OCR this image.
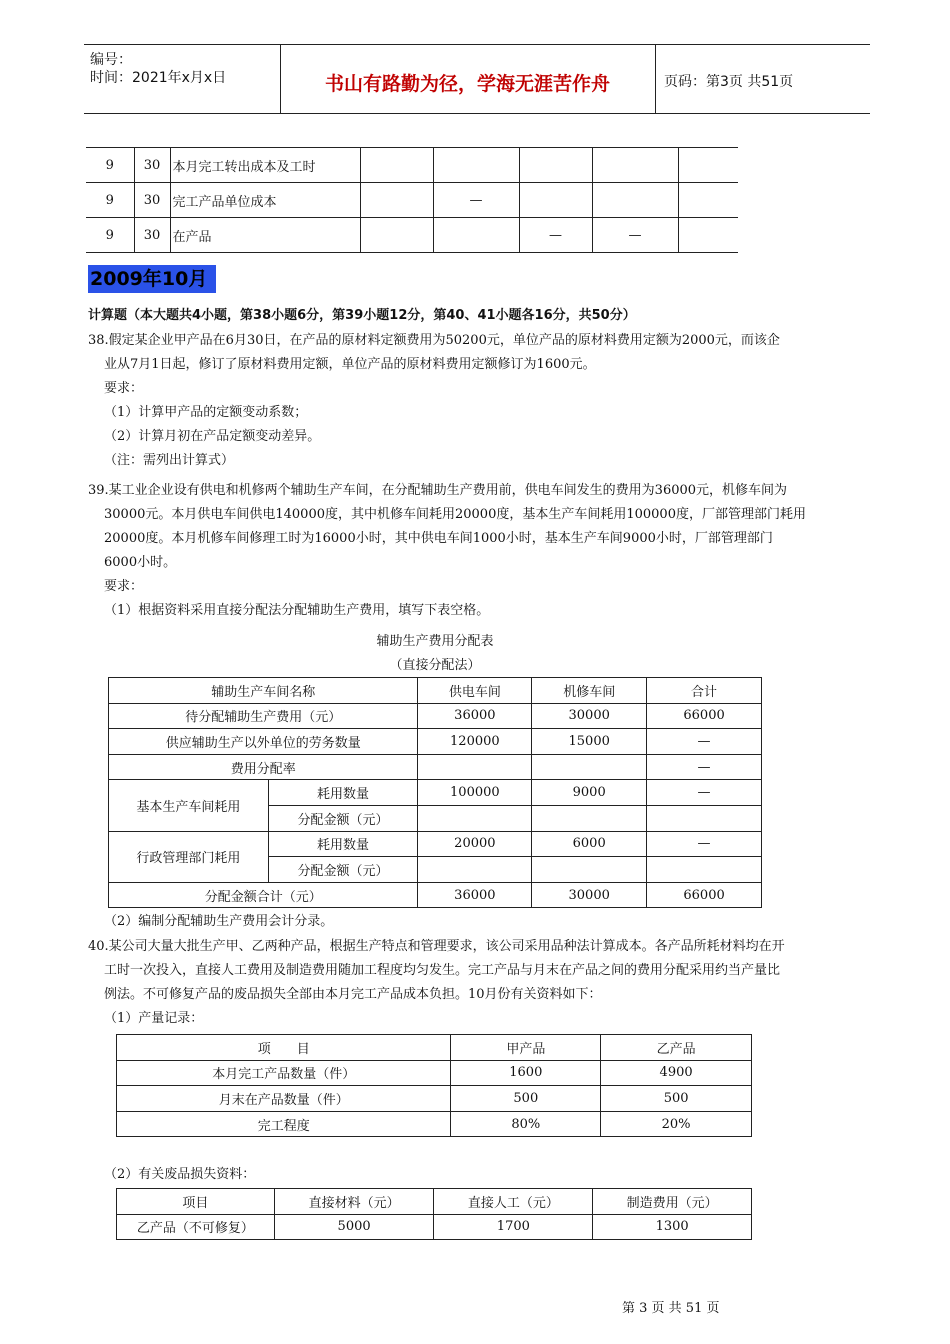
编号：
时间：2021年x月x日	书山有路勤为径，学海无涯苦作舟	页码：第3页 共51页
9	30	本月完工转出成本及工时					
9	30	完工产品单位成本		—			
9	30	在产品			—	—	
2009年10月
计算题（本大题共4小题，第38小题6分，第39小题12分，第40、41小题各16分，共50分）
38.假定某企业甲产品在6月30日，在产品的原材料定额费用为50200元，单位产品的原材料费用定额为2000元，而该企
业从7月1日起，修订了原材料费用定额，单位产品的原材料费用定额修订为1600元。
要求：
（1）计算甲产品的定额变动系数；
（2）计算月初在产品定额变动差异。
（注：需列出计算式）
39.某工业企业设有供电和机修两个辅助生产车间，在分配辅助生产费用前，供电车间发生的费用为36000元，机修车间为
30000元。本月供电车间供电140000度，其中机修车间耗用20000度，基本生产车间耗用100000度，厂部管理部门耗用
20000度。本月机修车间修理工时为16000小时，其中供电车间1000小时，基本生产车间9000小时，厂部管理部门
6000小时。
要求：
（1）根据资料采用直接分配法分配辅助生产费用，填写下表空格。
辅助生产费用分配表
（直接分配法）
辅助生产车间名称		供电车间	机修车间	合计
待分配辅助生产费用（元）		36000	30000	66000
供应辅助生产以外单位的劳务数量		120000	15000	—
费用分配率				—
基本生产车间耗用	耗用数量	100000	9000	—
	分配金额（元）			
行政管理部门耗用	耗用数量	20000	6000	—
	分配金额（元）			
分配金额合计（元）		36000	30000	66000
（2）编制分配辅助生产费用会计分录。
40.某公司大量大批生产甲、乙两种产品，根据生产特点和管理要求，该公司采用品种法计算成本。各产品所耗材料均在开
工时一次投入，直接人工费用及制造费用随加工程度均匀发生。完工产品与月末在产品之间的费用分配采用约当产量比
例法。不可修复产品的废品损失全部由本月完工产品成本负担。10月份有关资料如下：
（1）产量记录：
项　　目	甲产品	乙产品
本月完工产品数量（件）	1600	4900
月末在产品数量（件）	500	500
完工程度	80%	20%
（2）有关废品损失资料：
项目	直接材料（元）	直接人工（元）	制造费用（元）
乙产品（不可修复）	5000	1700	1300
第 3 页 共 51 页
